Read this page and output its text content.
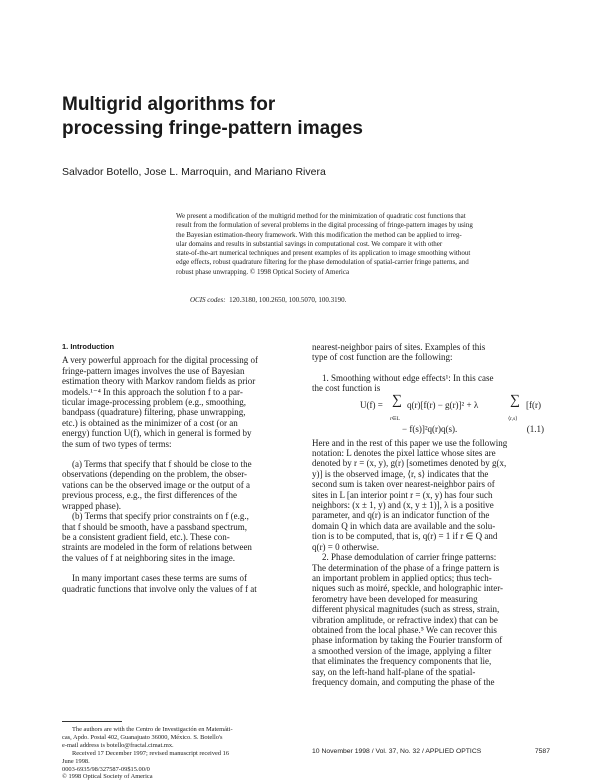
Multigrid algorithms for
processing fringe-pattern images
Salvador Botello, Jose L. Marroquin, and Mariano Rivera
We present a modification of the multigrid method for the minimization of quadratic cost functions that
result from the formulation of several problems in the digital processing of fringe-pattern images by using
the Bayesian estimation-theory framework. With this modification the method can be applied to irreg-
ular domains and results in substantial savings in computational cost. We compare it with other
state-of-the-art numerical techniques and present examples of its application to image smoothing without
edge effects, robust quadrature filtering for the phase demodulation of spatial-carrier fringe patterns, and
robust phase unwrapping. © 1998 Optical Society of America
OCIS codes: 120.3180, 100.2650, 100.5070, 100.3190.
1. Introduction
A very powerful approach for the digital processing of
fringe-pattern images involves the use of Bayesian
estimation theory with Markov random fields as prior
models.¹⁻⁴ In this approach the solution f to a par-
ticular image-processing problem (e.g., smoothing,
bandpass (quadrature) filtering, phase unwrapping,
etc.) is obtained as the minimizer of a cost (or an
energy) function U(f), which in general is formed by
the sum of two types of terms:
(a) Terms that specify that f should be close to the
observations (depending on the problem, the obser-
vations can be the observed image or the output of a
previous process, e.g., the first differences of the
wrapped phase).
(b) Terms that specify prior constraints on f (e.g.,
that f should be smooth, have a passband spectrum,
be a consistent gradient field, etc.). These con-
straints are modeled in the form of relations between
the values of f at neighboring sites in the image.
In many important cases these terms are sums of
quadratic functions that involve only the values of f at
The authors are with the Centro de Investigación en Matemáti-
cas, Apdo. Postal 402, Guanajuato 36000, México. S. Botello's
e-mail address is botello@fractal.cimat.mx.
Received 17 December 1997; revised manuscript received 16
June 1998.
0003-6935/98/327587-09$15.00/0
© 1998 Optical Society of America
nearest-neighbor pairs of sites. Examples of this
type of cost function are the following:
1. Smoothing without edge effects¹: In this case
the cost function is
U(f) = ∑
r∈L
q(r)[f(r) − g(r)]² + λ ∑
⟨r,s⟩
[f(r)
− f(s)]²q(r)q(s).	(1.1)
Here and in the rest of this paper we use the following
notation: L denotes the pixel lattice whose sites are
denoted by r = (x, y), g(r) [sometimes denoted by g(x,
y)] is the observed image, ⟨r, s⟩ indicates that the
second sum is taken over nearest-neighbor pairs of
sites in L [an interior point r = (x, y) has four such
neighbors: (x ± 1, y) and (x, y ± 1)], λ is a positive
parameter, and q(r) is an indicator function of the
domain Q in which data are available and the solu-
tion is to be computed, that is, q(r) = 1 if r ∈ Q and
q(r) = 0 otherwise.
2. Phase demodulation of carrier fringe patterns:
The determination of the phase of a fringe pattern is
an important problem in applied optics; thus tech-
niques such as moiré, speckle, and holographic inter-
ferometry have been developed for measuring
different physical magnitudes (such as stress, strain,
vibration amplitude, or refractive index) that can be
obtained from the local phase.⁵ We can recover this
phase information by taking the Fourier transform of
a smoothed version of the image, applying a filter
that eliminates the frequency components that lie,
say, on the left-hand half-plane of the spatial-
frequency domain, and computing the phase of the
10 November 1998 / Vol. 37, No. 32 / APPLIED OPTICS	7587
